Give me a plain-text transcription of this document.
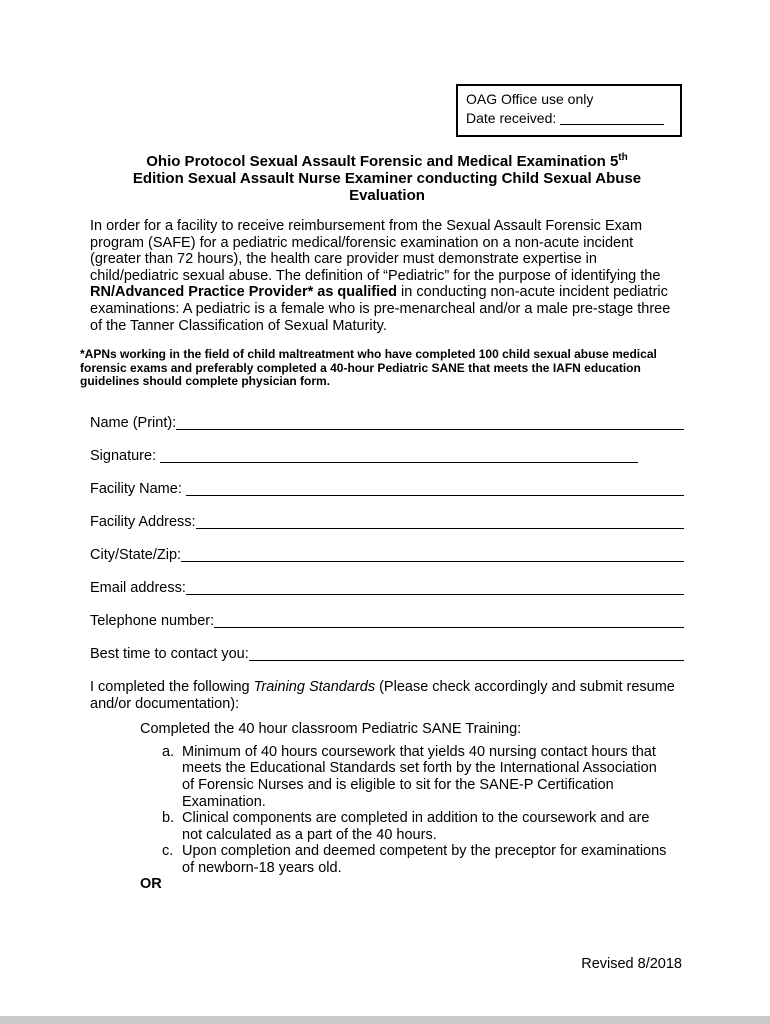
OAG Office use only
Date received:
Ohio Protocol Sexual Assault Forensic and Medical Examination 5th
Edition Sexual Assault Nurse Examiner conducting Child Sexual Abuse
Evaluation

In order for a facility to receive reimbursement from the Sexual Assault Forensic Exam program (SAFE) for a pediatric medical/forensic examination on a non-acute incident (greater than 72 hours), the health care provider must demonstrate expertise in child/pediatric sexual abuse. The definition of “Pediatric” for the purpose of identifying the RN/Advanced Practice Provider* as qualified in conducting non-acute incident pediatric examinations: A pediatric is a female who is pre-menarcheal and/or a male pre-stage three of the Tanner Classification of Sexual Maturity.

*APNs working in the field of child maltreatment who have completed 100 child sexual abuse medical forensic exams and preferably completed a 40-hour Pediatric SANE that meets the IAFN education guidelines should complete physician form.

Name (Print):
Signature:
Facility Name:
Facility Address:
City/State/Zip:
Email address:
Telephone number:
Best time to contact you:

I completed the following Training Standards (Please check accordingly and submit resume and/or documentation):

Completed the 40 hour classroom Pediatric SANE Training:
a. Minimum of 40 hours coursework that yields 40 nursing contact hours that meets the Educational Standards set forth by the International Association of Forensic Nurses and is eligible to sit for the SANE-P Certification Examination.
b. Clinical components are completed in addition to the coursework and are not calculated as a part of the 40 hours.
c. Upon completion and deemed competent by the preceptor for examinations of newborn-18 years old.
OR
Revised 8/2018
